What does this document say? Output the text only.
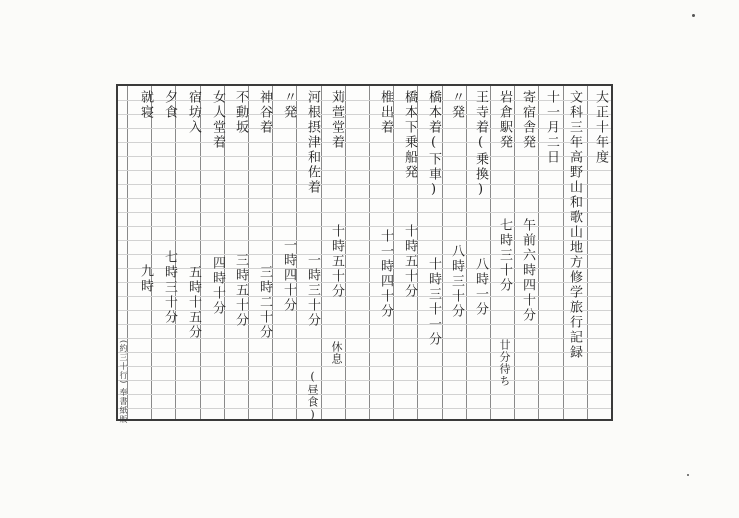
大正十年度
文科三年高野山和歌山地方修学旅行記録
十一月二日
寄宿舎発  午前六時四十分
岩倉駅発  七時三十分  廿分待ち
王寺着(乗換)  八時一分
〃発  八時三十分
橋本着(下車)  十時三十一分
橋本下乗船発  十時五十分
椎出着  十一時四十分
苅萱堂着  十時五十分  休息
河根摂津和佐着  一時三十分  (昼食)
〃発  一時四十分
神谷着  三時二十分
不動坂  三時五十分
女人堂着  四時十分
宿坊入  五時十五分
夕食  七時三十分
就寝  九時
(約三十行) 奉書紙販
